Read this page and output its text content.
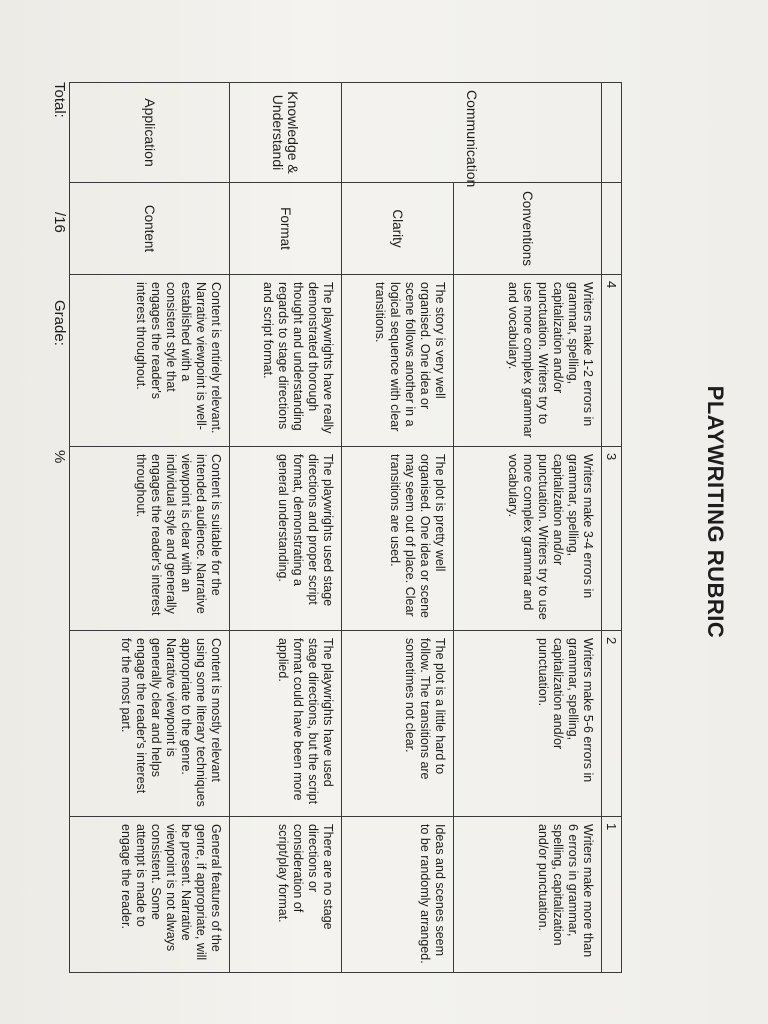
PLAYWRITING RUBRIC
		4	3	2	1
Communication	Conventions	Writers make 1-2 errors in grammar, spelling, capitalization and/or punctuation. Writers try to use more complex grammar and vocabulary.	Writers make 3-4 errors in grammar, spelling, capitalization and/or punctuation. Writers try to use more complex grammar and vocabulary.	Writers make 5-6 errors in grammar, spelling, capitalization and/or punctuation.	Writers make more than 6 errors in grammar, spelling, capitalization and/or punctuation.
	Clarity	The story is very well organised. One idea or scene follows another in a logical sequence with clear transitions.	The plot is pretty well organised. One idea or scene may seem out of place. Clear transitions are used.	The plot is a little hard to follow. The transitions are sometimes not clear.	Ideas and scenes seem to be randomly arranged.
Knowledge & Understandi	Format	The playwrights have really demonstrated thorough thought and understanding regards to stage directions and script format.	The playwrights used stage directions and proper script format, demonstrating a general understanding.	The playwrights have used stage directions, but the script format could have been more applied.	There are no stage directions or consideration of script/play format.
Application	Content	Content is entirely relevant. Narrative viewpoint is well-established with a consistent style that engages the reader's interest throughout.	Content is suitable for the intended audience. Narrative viewpoint is clear with an individual style and generally engages the reader's interest throughout.	Content is mostly relevant using some literary techniques appropriate to the genre. Narrative viewpoint is generally clear and helps engage the reader's interest for the most part.	General features of the genre, if appropriate, will be present. Narrative viewpoint is not always consistent. Some attempt is made to engage the reader.
Total:
/16
Grade:
%
